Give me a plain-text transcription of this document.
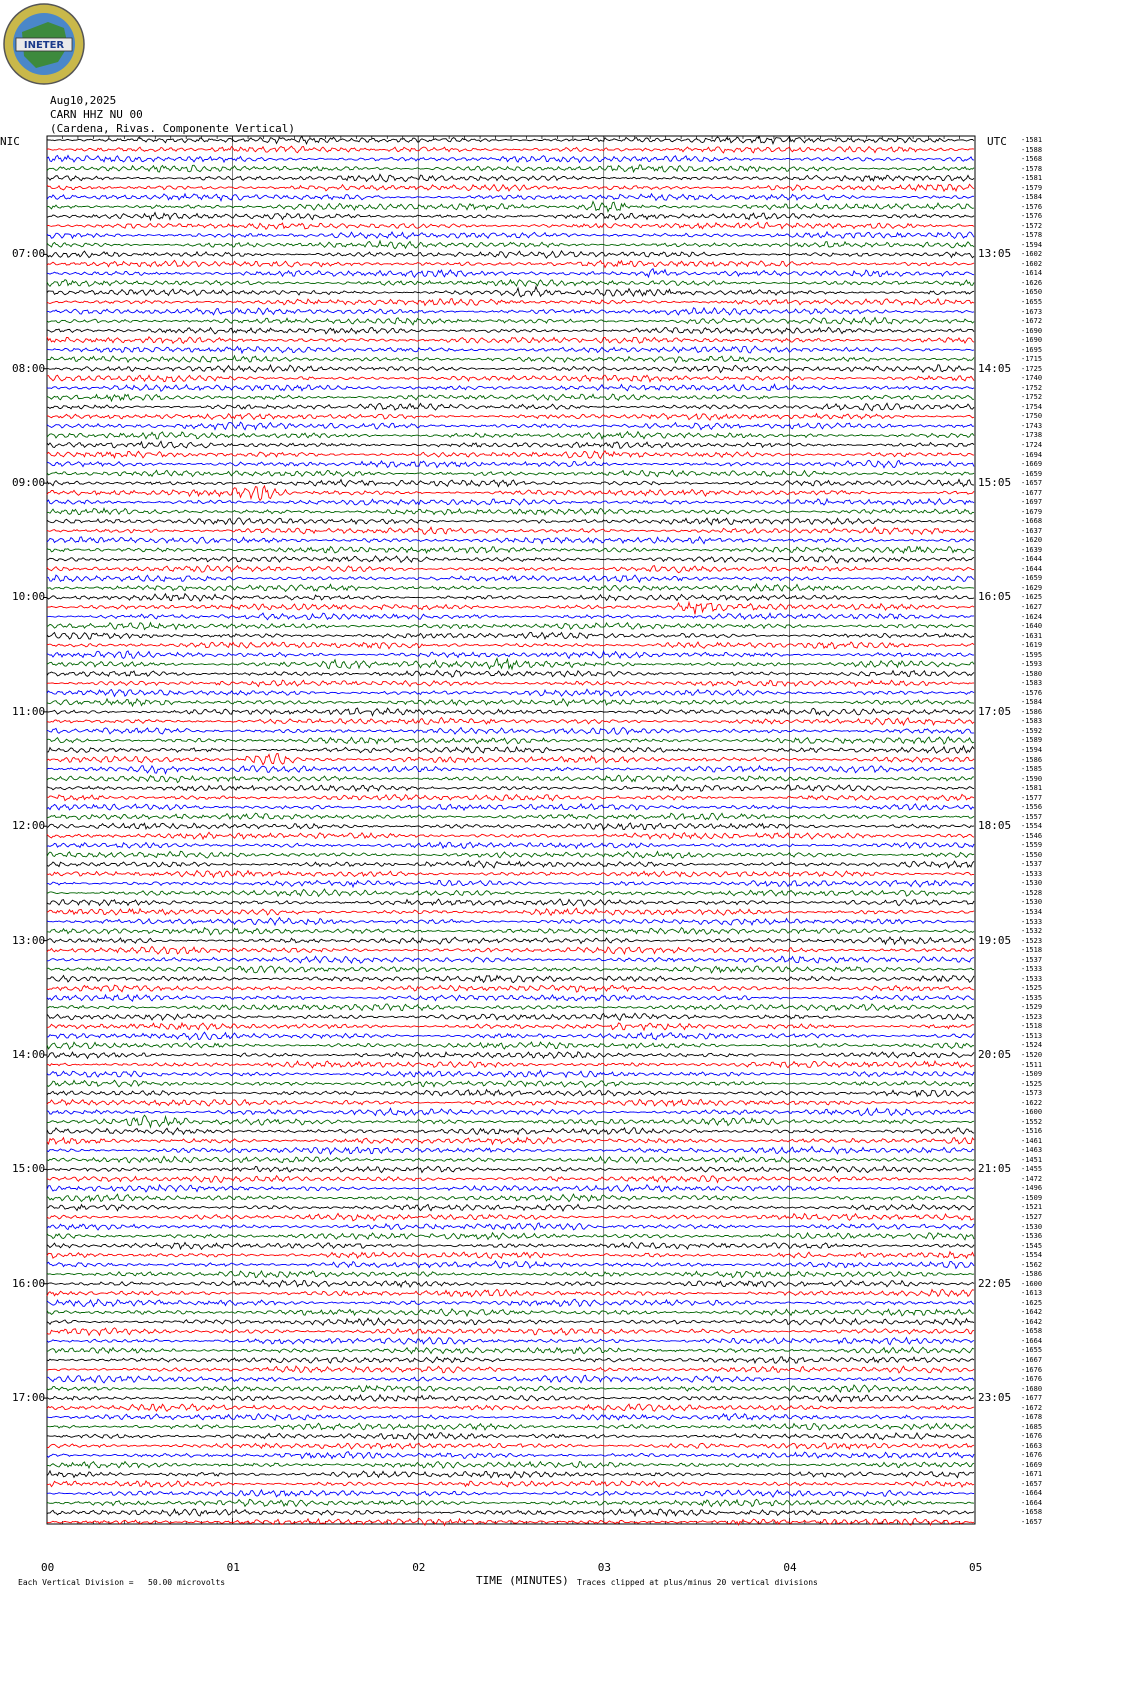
INETER
Aug10,2025
CARN HHZ NU 00
(Cardena, Rivas. Componente Vertical)
NIC	UTC
07:00	13:05
08:00	14:05
09:00	15:05
10:00	16:05
11:00	17:05
12:00	18:05
13:00	19:05
14:00	20:05
15:00	21:05
16:00	22:05
17:00	23:05
-1581
-1588
-1568
-1578
-1581
-1579
-1584
-1576
-1576
-1572
-1578
-1594
-1602
-1602
-1614
-1626
-1650
-1655
-1673
-1672
-1690
-1690
-1695
-1715
-1725
-1740
-1752
-1752
-1754
-1750
-1743
-1738
-1724
-1694
-1669
-1659
-1657
-1677
-1697
-1679
-1668
-1637
-1620
-1639
-1644
-1644
-1659
-1629
-1625
-1627
-1624
-1640
-1631
-1619
-1595
-1593
-1580
-1583
-1576
-1584
-1586
-1583
-1592
-1589
-1594
-1586
-1585
-1590
-1581
-1577
-1556
-1557
-1554
-1546
-1559
-1550
-1537
-1533
-1530
-1528
-1530
-1534
-1533
-1532
-1523
-1518
-1537
-1533
-1533
-1525
-1535
-1529
-1523
-1518
-1513
-1524
-1520
-1511
-1509
-1525
-1573
-1622
-1600
-1552
-1516
-1461
-1463
-1451
-1455
-1472
-1496
-1509
-1521
-1527
-1530
-1536
-1545
-1554
-1562
-1586
-1600
-1613
-1625
-1642
-1642
-1658
-1664
-1655
-1667
-1676
-1676
-1680
-1677
-1672
-1678
-1685
-1676
-1663
-1676
-1669
-1671
-1657
-1664
-1664
-1658
-1657
00	01	02	03	04	05
Each Vertical Division =   50.00 microvolts	TIME (MINUTES) Traces clipped at plus/minus 20 vertical divisions
